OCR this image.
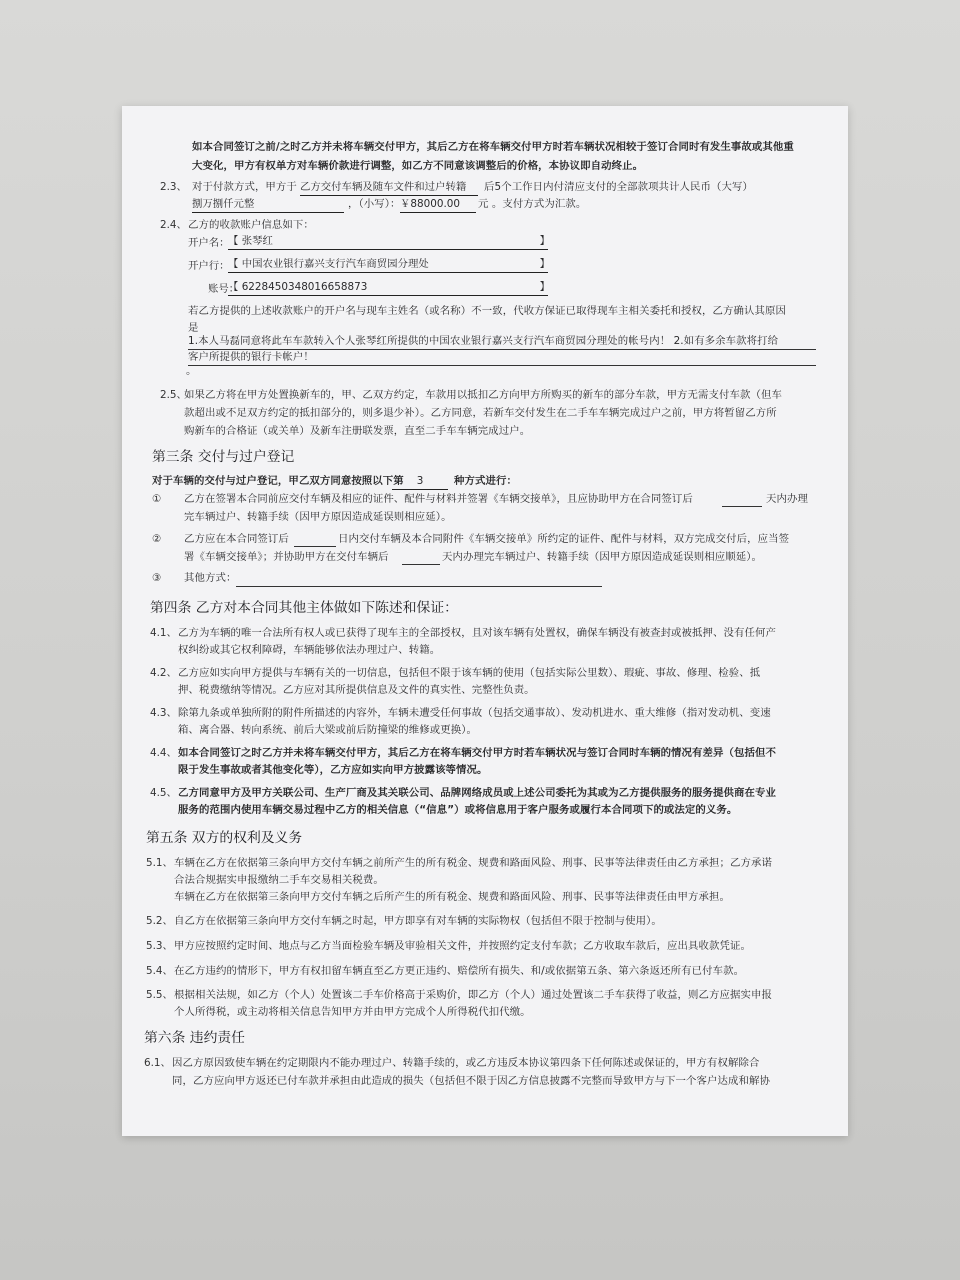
如本合同签订之前/之时乙方并未将车辆交付甲方，其后乙方在将车辆交付甲方时若车辆状况相较于签订合同时有发生事故或其他重
大变化，甲方有权单方对车辆价款进行调整，如乙方不同意该调整后的价格，本协议即自动终止。
2.3、 对于付款方式，甲方于 乙方交付车辆及随车文件和过户转籍	后5个工作日内付清应支付的全部款项共计人民币（大写）
捌万捌仟元整	，（小写）： ￥88000.00	元 。支付方式为汇款。
2.4、 乙方的收款账户信息如下：
开户名：
【 张琴红	】
开户行：
【 中国农业银行嘉兴支行汽车商贸园分理处	】
账号：
【 6228450348016658873	】
若乙方提供的上述收款账户的开户名与现车主姓名（或名称）不一致，代收方保证已取得现车主相关委托和授权，乙方确认其原因
是
1.本人马磊同意将此车车款转入个人张琴红所提供的中国农业银行嘉兴支行汽车商贸园分理处的帐号内！ 2.如有多余车款将打给
客户所提供的银行卡帐户！
。
2.5、
如果乙方将在甲方处置换新车的，甲、乙双方约定，车款用以抵扣乙方向甲方所购买的新车的部分车款，甲方无需支付车款（但车
款超出或不足双方约定的抵扣部分的，则多退少补）。乙方同意，若新车交付发生在二手车车辆完成过户之前，甲方将暂留乙方所
购新车的合格证（或关单）及新车注册联发票，直至二手车车辆完成过户。
第三条 交付与过户登记
对于车辆的交付与过户登记，甲乙双方同意按照以下第	3	种方式进行：
① 乙方在签署本合同前应交付车辆及相应的证件、配件与材料并签署《车辆交接单》，且应协助甲方在合同签订后	天内办理
完车辆过户、转籍手续（因甲方原因造成延误则相应延）。
② 乙方应在本合同签订后	日内交付车辆及本合同附件《车辆交接单》所约定的证件、配件与材料，双方完成交付后，应当签
署《车辆交接单》；并协助甲方在交付车辆后	天内办理完车辆过户、转籍手续（因甲方原因造成延误则相应顺延）。
③ 其他方式：
第四条 乙方对本合同其他主体做如下陈述和保证：
4.1、 乙方为车辆的唯一合法所有权人或已获得了现车主的全部授权，且对该车辆有处置权，确保车辆没有被查封或被抵押、没有任何产
权纠纷或其它权利障碍，车辆能够依法办理过户、转籍。
4.2、 乙方应如实向甲方提供与车辆有关的一切信息，包括但不限于该车辆的使用（包括实际公里数）、瑕疵、事故、修理、检验、抵
押、税费缴纳等情况。乙方应对其所提供信息及文件的真实性、完整性负责。
4.3、 除第九条或单独所附的附件所描述的内容外，车辆未遭受任何事故（包括交通事故）、发动机进水、重大维修（指对发动机、变速
箱、离合器、转向系统、前后大梁或前后防撞梁的维修或更换）。
4.4、 如本合同签订之时乙方并未将车辆交付甲方，其后乙方在将车辆交付甲方时若车辆状况与签订合同时车辆的情况有差异（包括但不
限于发生事故或者其他变化等），乙方应如实向甲方披露该等情况。
4.5、 乙方同意甲方及甲方关联公司、生产厂商及其关联公司、品牌网络成员或上述公司委托为其或为乙方提供服务的服务提供商在专业
服务的范围内使用车辆交易过程中乙方的相关信息（“信息”）或将信息用于客户服务或履行本合同项下的或法定的义务。
第五条 双方的权利及义务
5.1、 车辆在乙方在依据第三条向甲方交付车辆之前所产生的所有税金、规费和路面风险、刑事、民事等法律责任由乙方承担；乙方承诺
合法合规据实申报缴纳二手车交易相关税费。
车辆在乙方在依据第三条向甲方交付车辆之后所产生的所有税金、规费和路面风险、刑事、民事等法律责任由甲方承担。
5.2、 自乙方在依据第三条向甲方交付车辆之时起，甲方即享有对车辆的实际物权（包括但不限于控制与使用）。
5.3、 甲方应按照约定时间、地点与乙方当面检验车辆及审验相关文件，并按照约定支付车款；乙方收取车款后，应出具收款凭证。
5.4、 在乙方违约的情形下，甲方有权扣留车辆直至乙方更正违约、赔偿所有损失、和/或依据第五条、第六条返还所有已付车款。
5.5、 根据相关法规，如乙方（个人）处置该二手车价格高于采购价，即乙方（个人）通过处置该二手车获得了收益，则乙方应据实申报
个人所得税，或主动将相关信息告知甲方并由甲方完成个人所得税代扣代缴。
第六条 违约责任
6.1、 因乙方原因致使车辆在约定期限内不能办理过户、转籍手续的，或乙方违反本协议第四条下任何陈述或保证的，甲方有权解除合
同，乙方应向甲方返还已付车款并承担由此造成的损失（包括但不限于因乙方信息披露不完整而导致甲方与下一个客户达成和解协
